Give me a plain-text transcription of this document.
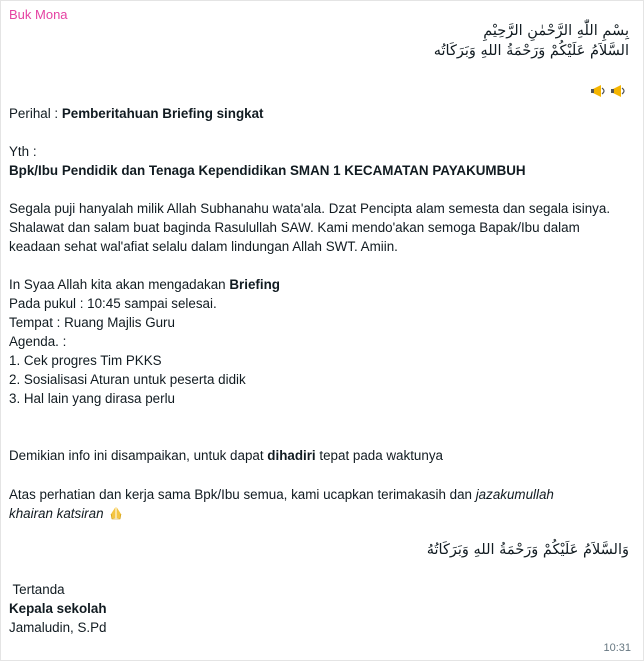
Buk Mona
بِسْمِ اللّٰهِ الرَّحْمٰنِ الرَّحِيْمِ
السَّلاَمُ عَلَيْكُمْ وَرَحْمَةُ اللهِ وَبَرَكَاتُه
Perihal : Pemberitahuan Briefing singkat
Yth :
Bpk/Ibu Pendidik dan Tenaga Kependidikan SMAN 1 KECAMATAN PAYAKUMBUH
Segala puji hanyalah milik Allah Subhanahu wata'ala. Dzat Pencipta alam semesta dan segala isinya.
Shalawat dan salam buat baginda Rasulullah SAW. Kami mendo'akan semoga Bapak/Ibu dalam
keadaan sehat wal'afiat selalu dalam lindungan Allah SWT. Amiin.
In Syaa Allah kita akan mengadakan Briefing
Pada pukul : 10:45 sampai selesai.
Tempat : Ruang Majlis Guru
Agenda. :
1. Cek progres Tim PKKS
2. Sosialisasi Aturan untuk peserta didik
3. Hal lain yang dirasa perlu
Demikian info ini disampaikan, untuk dapat dihadiri tepat pada waktunya
Atas perhatian dan kerja sama Bpk/Ibu semua, kami ucapkan terimakasih dan jazakumullah
khairan katsiran
وَالسَّلاَمُ عَلَيْكُمْ وَرَحْمَةُ اللهِ وَبَرَكَاتُهُ
Tertanda
Kepala sekolah
Jamaludin, S.Pd
10:31
